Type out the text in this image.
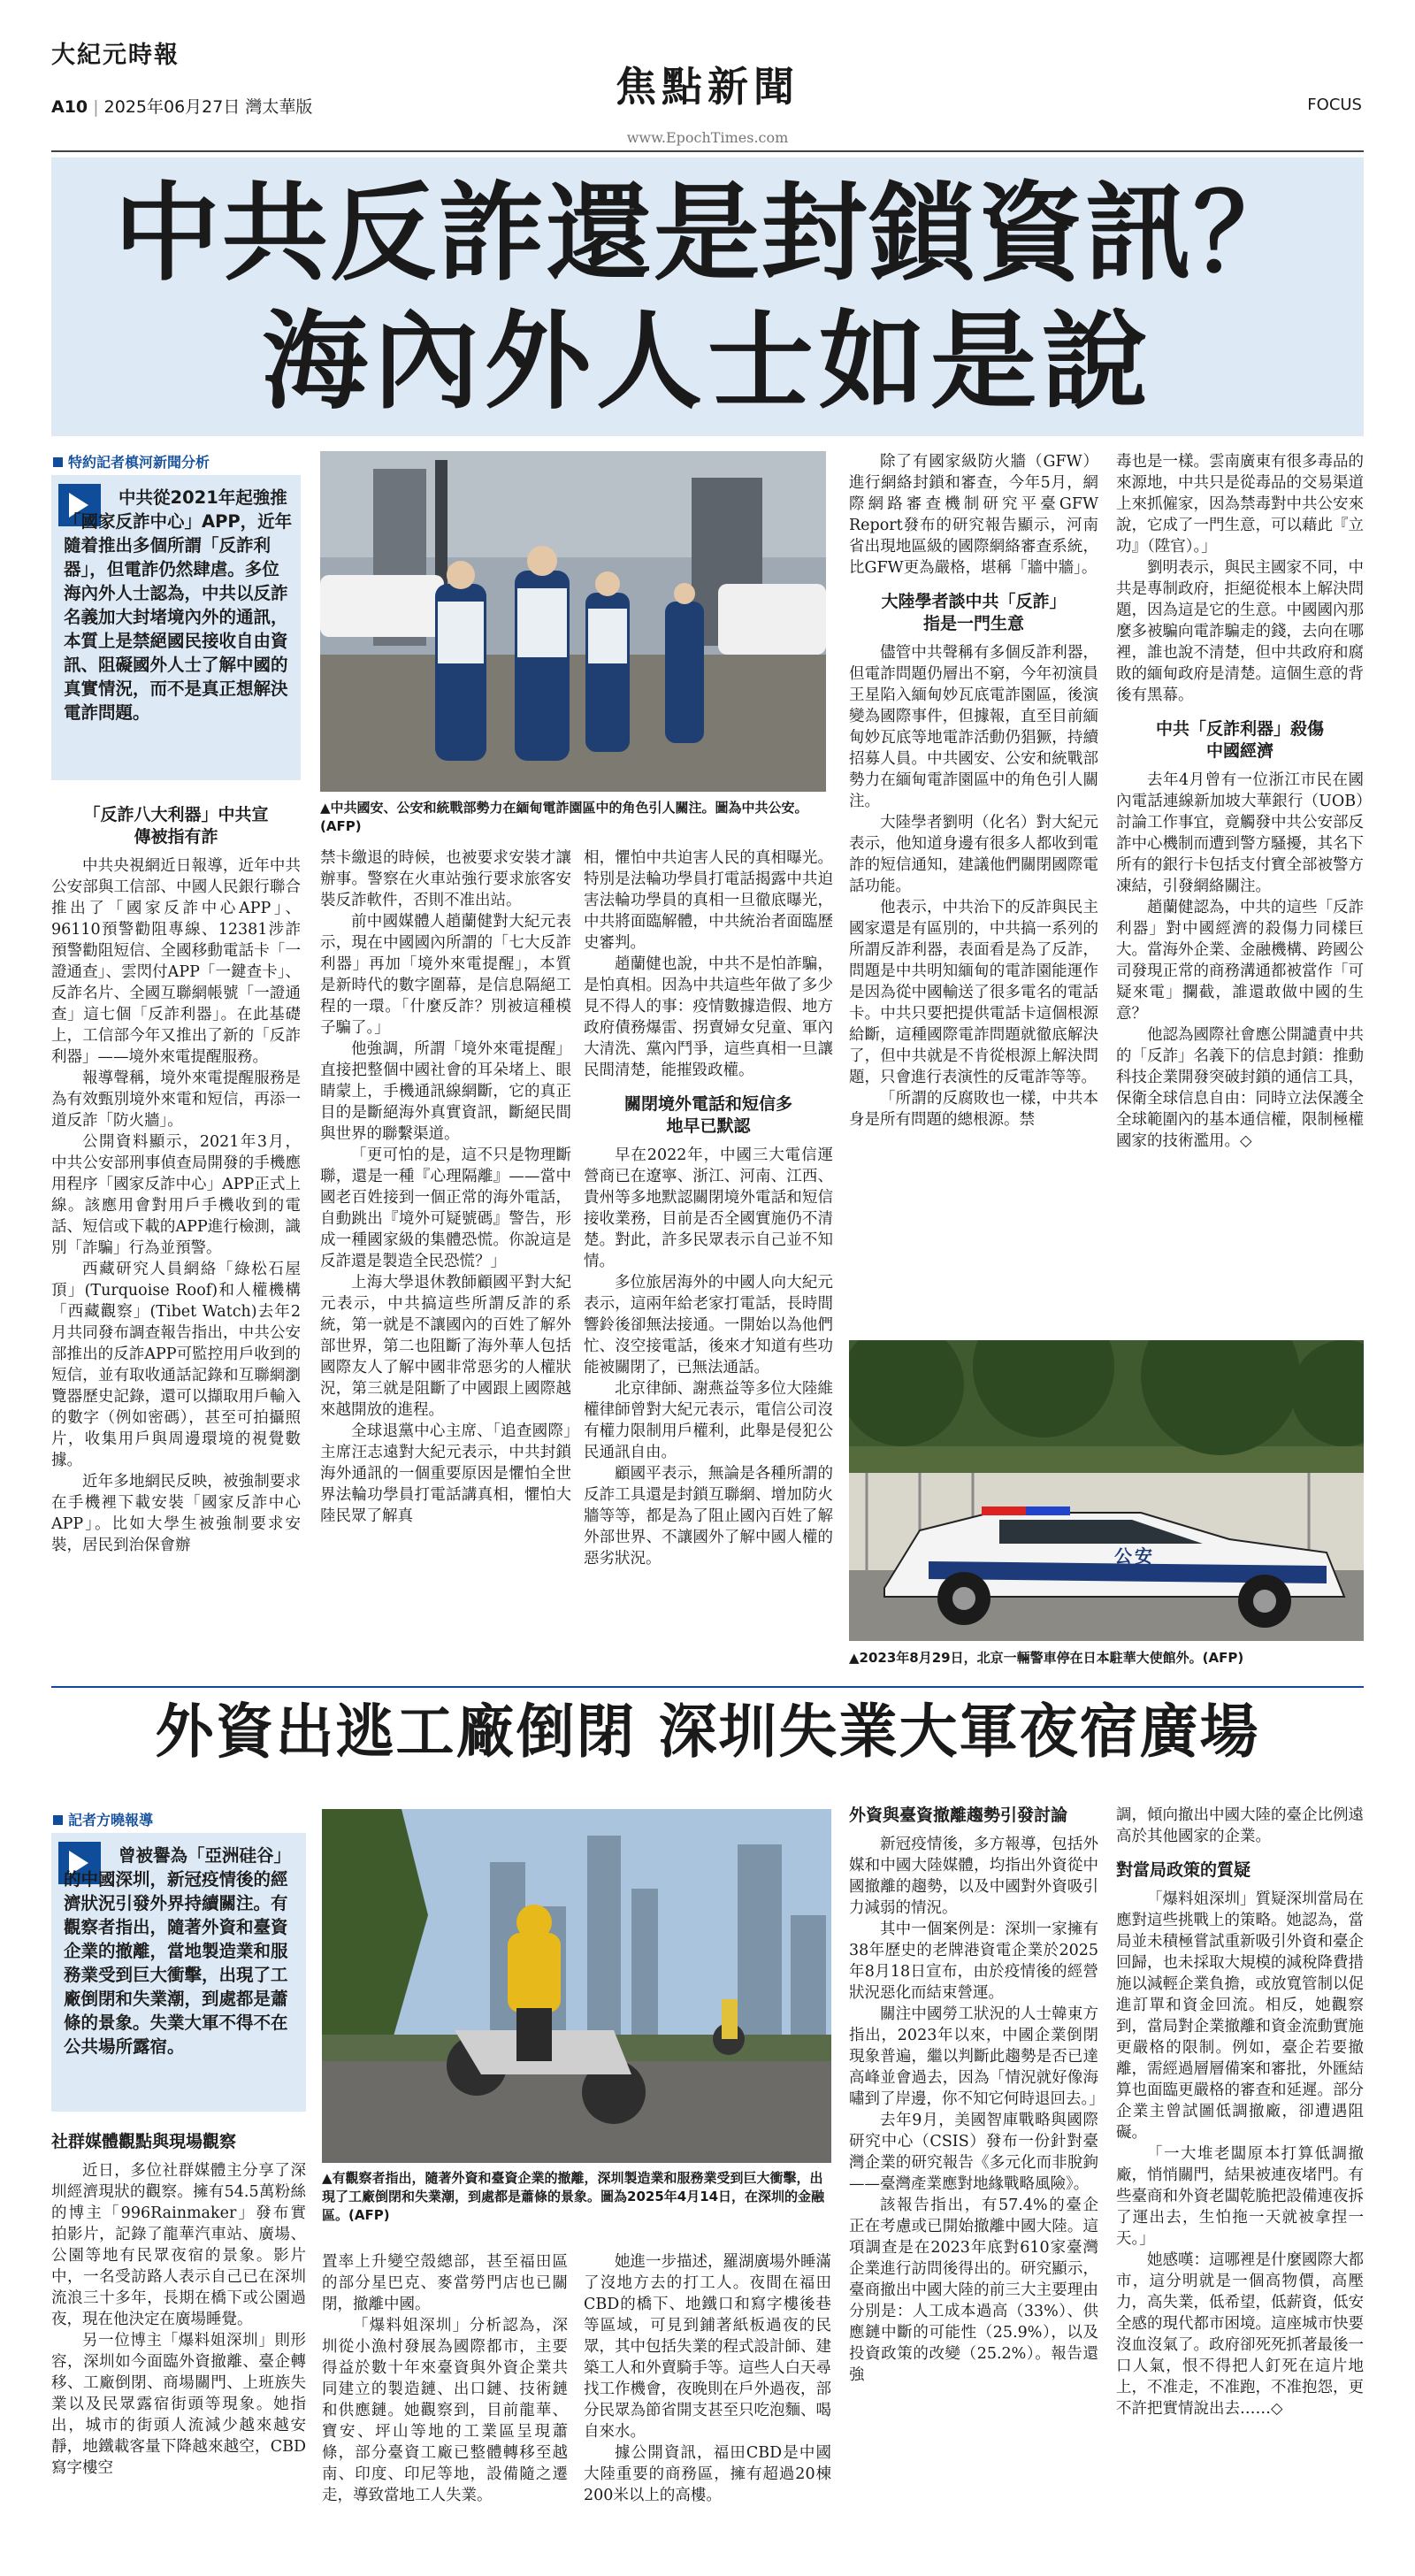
大紀元時報
A10 | 2025年06月27日 灣太華版	焦點新聞
www.EpochTimes.com
FOCUS
中共反詐還是封鎖資訊？
海內外人士如是說
特約記者槙河新聞分析
中共從2021年起強推「國家反詐中心」APP，近年隨着推出多個所謂「反詐利器」，但電詐仍然肆虐。多位海內外人士認為，中共以反詐名義加大封堵境內外的通訊，本質上是禁絕國民接收自由資訊、阻礙國外人士了解中國的真實情況，而不是真正想解決電詐問題。
▲中共國安、公安和統戰部勢力在緬甸電詐園區中的角色引人關注。圖為中共公安。(AFP)
「反詐八大利器」中共宣傳被指有詐

中共央視網近日報導，近年中共公安部與工信部、中國人民銀行聯合推出了「國家反詐中心APP」、96110預警勸阻專線、12381涉詐預警勸阻短信、全國移動電話卡「一證通查」、雲閃付APP「一鍵查卡」、反詐名片、全國互聯網帳號「一證通查」這七個「反詐利器」。在此基礎上，工信部今年又推出了新的「反詐利器」——境外來電提醒服務。

報導聲稱，境外來電提醒服務是為有效甄別境外來電和短信，再添一道反詐「防火牆」。

公開資料顯示，2021年3月，中共公安部刑事偵查局開發的手機應用程序「國家反詐中心」APP正式上線。該應用會對用戶手機收到的電話、短信或下載的APP進行檢測，識別「詐騙」行為並預警。

西藏研究人員網絡「綠松石屋頂」(Turquoise Roof)和人權機構「西藏觀察」(Tibet Watch)去年2月共同發布調查報告指出，中共公安部推出的反詐APP可監控用戶收到的短信，並有取收通話記錄和互聯網瀏覽器歷史記錄，還可以擷取用戶輸入的數字（例如密碼），甚至可拍攝照片，收集用戶與周邊環境的視覺數據。

近年多地網民反映，被強制要求在手機裡下載安裝「國家反詐中心APP」。比如大學生被強制要求安裝，居民到治保會辦

禁卡繳退的時候，也被要求安裝才讓辦事。警察在火車站強行要求旅客安裝反詐軟件，否則不准出站。

前中國媒體人趙蘭健對大紀元表示，現在中國國內所謂的「七大反詐利器」再加「境外來電提醒」，本質是新時代的數字圍幕，是信息隔絕工程的一環。「什麼反詐？別被這種模子騙了。」

他強調，所謂「境外來電提醒」直接把整個中國社會的耳朵堵上、眼睛蒙上，手機通訊線網斷，它的真正目的是斷絕海外真實資訊，斷絕民間與世界的聯繫渠道。

「更可怕的是，這不只是物理斷聯，還是一種『心理隔離』——當中國老百姓接到一個正常的海外電話，自動跳出『境外可疑號碼』警告，形成一種國家級的集體恐慌。你說這是反詐還是製造全民恐慌？」

上海大學退休教師顧國平對大紀元表示，中共搞這些所謂反詐的系統，第一就是不讓國內的百姓了解外部世界，第二也阻斷了海外華人包括國際友人了解中國非常惡劣的人權狀況，第三就是阻斷了中國跟上國際越來越開放的進程。

全球退黨中心主席、「追查國際」主席汪志遠對大紀元表示，中共封鎖海外通訊的一個重要原因是懼怕全世界法輪功學員打電話講真相，懼怕大陸民眾了解真

相，懼怕中共迫害人民的真相曝光。特別是法輪功學員打電話揭露中共迫害法輪功學員的真相一旦徹底曝光，中共將面臨解體，中共統治者面臨歷史審判。

趙蘭健也說，中共不是怕詐騙，是怕真相。因為中共這些年做了多少見不得人的事：疫情數據造假、地方政府債務爆雷、拐賣婦女兒童、軍內大清洗、黨內鬥爭，這些真相一旦讓民間清楚，能摧毀政權。

關閉境外電話和短信多地早已默認

早在2022年，中國三大電信運營商已在遼寧、浙江、河南、江西、貴州等多地默認關閉境外電話和短信接收業務，目前是否全國實施仍不清楚。對此，許多民眾表示自己並不知情。

多位旅居海外的中國人向大紀元表示，這兩年給老家打電話，長時間響鈴後卻無法接通。一開始以為他們忙、沒空接電話，後來才知道有些功能被關閉了，已無法通話。

北京律師、謝燕益等多位大陸維權律師曾對大紀元表示，電信公司沒有權力限制用戶權利，此舉是侵犯公民通訊自由。

顧國平表示，無論是各種所謂的反詐工具還是封鎖互聯網、增加防火牆等等，都是為了阻止國內百姓了解外部世界、不讓國外了解中國人權的惡劣狀況。

除了有國家級防火牆（GFW）進行網絡封鎖和審查，今年5月，網際網路審查機制研究平臺GFW Report發布的研究報告顯示，河南省出現地區級的國際網絡審查系統，比GFW更為嚴格，堪稱「牆中牆」。

大陸學者談中共「反詐」指是一門生意

儘管中共聲稱有多個反詐利器，但電詐問題仍層出不窮，今年初演員王星陷入緬甸妙瓦底電詐園區，後演變為國際事件，但據報，直至目前緬甸妙瓦底等地電詐活動仍猖獗，持續招募人員。中共國安、公安和統戰部勢力在緬甸電詐園區中的角色引人關注。

大陸學者劉明（化名）對大紀元表示，他知道身邊有很多人都收到電詐的短信通知，建議他們關閉國際電話功能。

他表示，中共治下的反詐與民主國家還是有區別的，中共搞一系列的所謂反詐利器，表面看是為了反詐，問題是中共明知緬甸的電詐園能運作是因為從中國輸送了很多電名的電話卡。中共只要把提供電話卡這個根源給斷，這種國際電詐問題就徹底解決了，但中共就是不肯從根源上解決問題，只會進行表演性的反電詐等等。

「所謂的反腐敗也一樣，中共本身是所有問題的總根源。禁

毒也是一樣。雲南廣東有很多毒品的來源地，中共只是從毒品的交易渠道上來抓僱家，因為禁毒對中共公安來說，它成了一門生意，可以藉此『立功』（陞官）。」

劉明表示，與民主國家不同，中共是專制政府，拒絕從根本上解決問題，因為這是它的生意。中國國內那麼多被騙向電詐騙走的錢，去向在哪裡，誰也說不清楚，但中共政府和腐敗的緬甸政府是清楚。這個生意的背後有黑幕。

中共「反詐利器」殺傷中國經濟

去年4月曾有一位浙江市民在國內電話連線新加坡大華銀行（UOB）討論工作事宜，竟觸發中共公安部反詐中心機制而遭到警方騷擾，其名下所有的銀行卡包括支付寶全部被警方凍結，引發網絡關注。

趙蘭健認為，中共的這些「反詐利器」對中國經濟的殺傷力同樣巨大。當海外企業、金融機構、跨國公司發現正常的商務溝通都被當作「可疑來電」攔截，誰還敢做中國的生意？

他認為國際社會應公開譴責中共的「反詐」名義下的信息封鎖：推動科技企業開發突破封鎖的通信工具，保衛全球信息自由：同時立法保護全全球範圍內的基本通信權，限制極權國家的技術濫用。◇

公安
▲2023年8月29日，北京一輛警車停在日本駐華大使館外。(AFP)
外資出逃工廠倒閉 深圳失業大軍夜宿廣場
記者方曉報導
曾被譽為「亞洲硅谷」的中國深圳，新冠疫情後的經濟狀況引發外界持續關注。有觀察者指出，隨著外資和臺資企業的撤離，當地製造業和服務業受到巨大衝擊，出現了工廠倒閉和失業潮，到處都是蕭條的景象。失業大軍不得不在公共場所露宿。
社群媒體觀點與現場觀察

近日，多位社群媒體主分享了深圳經濟現狀的觀察。擁有54.5萬粉絲的博主「996Rainmaker」發布實拍影片，記錄了龍華汽車站、廣場、公園等地有民眾夜宿的景象。影片中，一名受訪路人表示自己已在深圳流浪三十多年，長期在橋下或公園過夜，現在他決定在廣場睡覺。

另一位博主「爆料姐深圳」則形容，深圳如今面臨外資撤離、臺企轉移、工廠倒閉、商場關門、上班族失業以及民眾露宿街頭等現象。她指出，城市的街頭人流減少越來越安靜，地鐵載客量下降越來越空，CBD寫字樓空

▲有觀察者指出，隨著外資和臺資企業的撤離，深圳製造業和服務業受到巨大衝擊，出現了工廠倒閉和失業潮，到處都是蕭條的景象。圖為2025年4月14日，在深圳的金融區。(AFP)

置率上升變空殼總部，甚至福田區的部分星巴克、麥當勞門店也已關閉，撤離中國。

「爆料姐深圳」分析認為，深圳從小漁村發展為國際都市，主要得益於數十年來臺資與外資企業共同建立的製造鏈、出口鏈、技術鏈和供應鏈。她觀察到，目前龍華、寶安、坪山等地的工業區呈現蕭條，部分臺資工廠已整體轉移至越南、印度、印尼等地，設備隨之遷走，導致當地工人失業。

她進一步描述，羅湖廣場外睡滿了沒地方去的打工人。夜間在福田CBD的橋下、地鐵口和寫字樓後巷等區域，可見到鋪著紙板過夜的民眾，其中包括失業的程式設計師、建築工人和外賣騎手等。這些人白天尋找工作機會，夜晚則在戶外過夜，部分民眾為節省開支甚至只吃泡麵、喝自來水。

據公開資訊，福田CBD是中國大陸重要的商務區，擁有超過20棟200米以上的高樓。

外資與臺資撤離趨勢引發討論

新冠疫情後，多方報導，包括外媒和中國大陸媒體，均指出外資從中國撤離的趨勢，以及中國對外資吸引力減弱的情況。

其中一個案例是：深圳一家擁有38年歷史的老牌港資電企業於2025年8月18日宣布，由於疫情後的經營狀況惡化而結束營運。

關注中國勞工狀況的人士韓東方指出，2023年以來，中國企業倒閉現象普遍，繼以判斷此趨勢是否已達高峰並會過去，因為「情況就好像海嘯到了岸邊，你不知它何時退回去。」

去年9月，美國智庫戰略與國際研究中心（CSIS）發布一份針對臺灣企業的研究報告《多元化而非脫鉤——臺灣產業應對地緣戰略風險》。

該報告指出，有57.4%的臺企正在考慮或已開始撤離中國大陸。這項調查是在2023年底對610家臺灣企業進行訪問後得出的。研究顯示，臺商撤出中國大陸的前三大主要理由分別是：人工成本過高（33%）、供應鏈中斷的可能性（25.9%），以及投資政策的改變（25.2%）。報告還強

調，傾向撤出中國大陸的臺企比例遠高於其他國家的企業。

對當局政策的質疑

「爆料姐深圳」質疑深圳當局在應對這些挑戰上的策略。她認為，當局並未積極嘗試重新吸引外資和臺企回歸，也未採取大規模的減稅降費措施以減輕企業負擔，或放寬管制以促進訂單和資金回流。相反，她觀察到，當局對企業撤離和資金流動實施更嚴格的限制。例如，臺企若要撤離，需經過層層備案和審批，外匯結算也面臨更嚴格的審查和延遲。部分企業主曾試圖低調撤廠，卻遭遇阻礙。

「一大堆老闆原本打算低調撤廠，悄悄關門，結果被連夜堵門。有些臺商和外資老闆乾脆把設備連夜拆了運出去，生怕拖一天就被拿捏一天。」

她感嘆：這哪裡是什麼國際大都市，這分明就是一個高物價，高壓力，高失業，低希望，低薪資，低安全感的現代都市困境。這座城市快要沒血沒氣了。政府卻死死抓著最後一口人氣，恨不得把人釘死在這片地上，不准走，不准跑，不准抱怨，更不許把實情說出去……◇
